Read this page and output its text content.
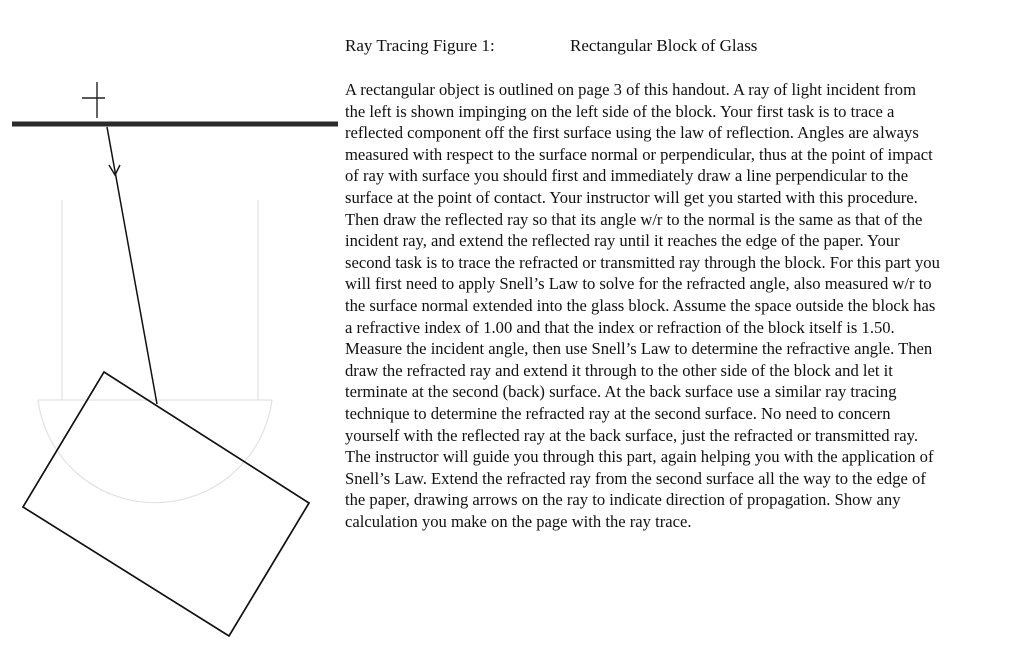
Ray Tracing Figure 1:	Rectangular Block of Glass

A rectangular object is outlined on page 3 of this handout. A ray of light incident from
the left is shown impinging on the left side of the block. Your first task is to trace a
reflected component off the first surface using the law of reflection. Angles are always
measured with respect to the surface normal or perpendicular, thus at the point of impact
of ray with surface you should first and immediately draw a line perpendicular to the
surface at the point of contact. Your instructor will get you started with this procedure.
Then draw the reflected ray so that its angle w/r to the normal is the same as that of the
incident ray, and extend the reflected ray until it reaches the edge of the paper. Your
second task is to trace the refracted or transmitted ray through the block. For this part you
will first need to apply Snell’s Law to solve for the refracted angle, also measured w/r to
the surface normal extended into the glass block. Assume the space outside the block has
a refractive index of 1.00 and that the index or refraction of the block itself is 1.50.
Measure the incident angle, then use Snell’s Law to determine the refractive angle. Then
draw the refracted ray and extend it through to the other side of the block and let it
terminate at the second (back) surface. At the back surface use a similar ray tracing
technique to determine the refracted ray at the second surface. No need to concern
yourself with the reflected ray at the back surface, just the refracted or transmitted ray.
The instructor will guide you through this part, again helping you with the application of
Snell’s Law. Extend the refracted ray from the second surface all the way to the edge of
the paper, drawing arrows on the ray to indicate direction of propagation. Show any
calculation you make on the page with the ray trace.
